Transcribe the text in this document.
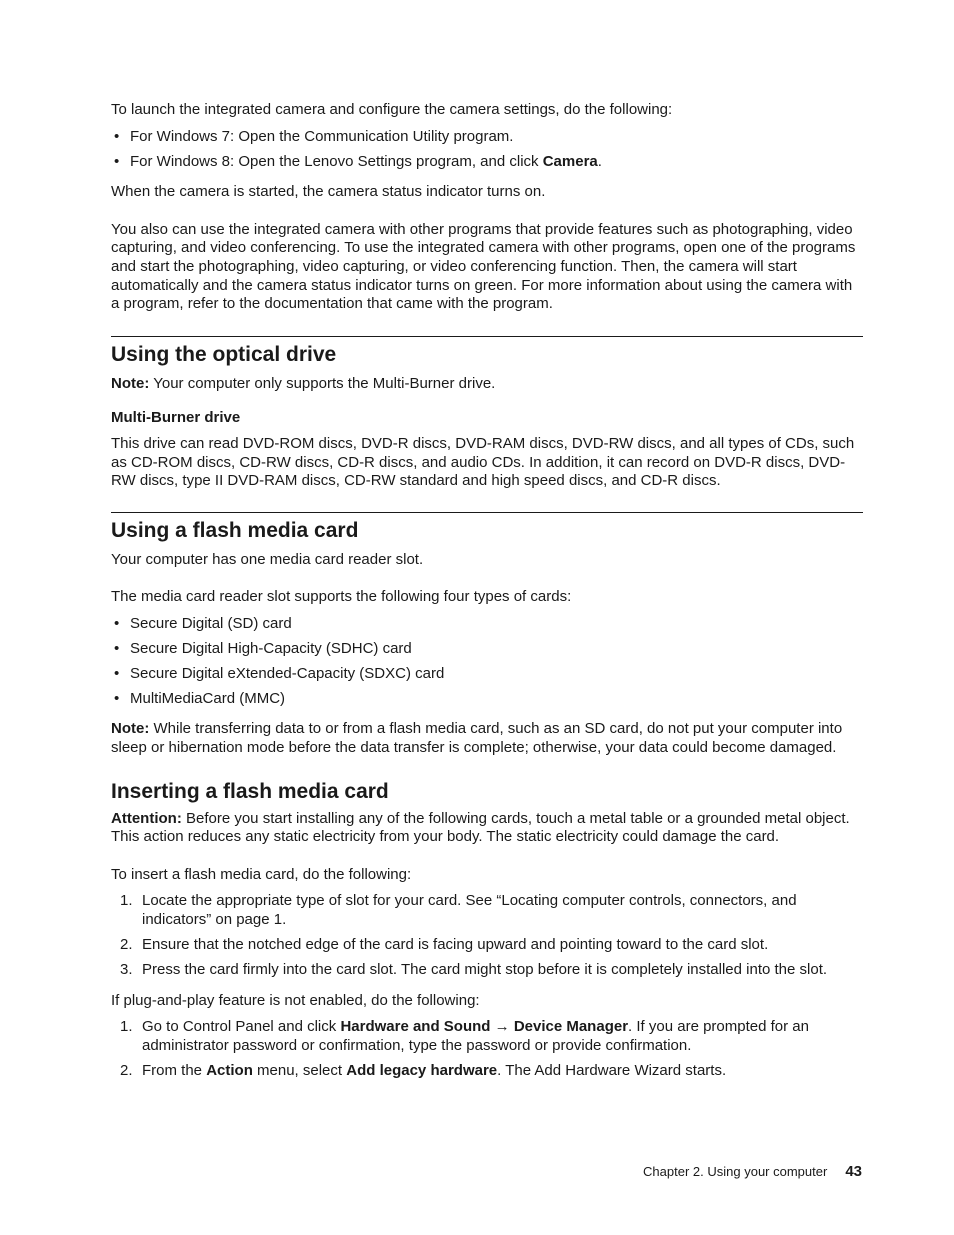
To launch the integrated camera and configure the camera settings, do the following:

• For Windows 7: Open the Communication Utility program.
• For Windows 8: Open the Lenovo Settings program, and click Camera.

When the camera is started, the camera status indicator turns on.

You also can use the integrated camera with other programs that provide features such as photographing, video capturing, and video conferencing. To use the integrated camera with other programs, open one of the programs and start the photographing, video capturing, or video conferencing function. Then, the camera will start automatically and the camera status indicator turns on green. For more information about using the camera with a program, refer to the documentation that came with the program.

Using the optical drive

Note: Your computer only supports the Multi-Burner drive.

Multi-Burner drive

This drive can read DVD-ROM discs, DVD-R discs, DVD-RAM discs, DVD-RW discs, and all types of CDs, such as CD-ROM discs, CD-RW discs, CD-R discs, and audio CDs. In addition, it can record on DVD-R discs, DVD-RW discs, type II DVD-RAM discs, CD-RW standard and high speed discs, and CD-R discs.

Using a flash media card

Your computer has one media card reader slot.

The media card reader slot supports the following four types of cards:

• Secure Digital (SD) card
• Secure Digital High-Capacity (SDHC) card
• Secure Digital eXtended-Capacity (SDXC) card
• MultiMediaCard (MMC)

Note: While transferring data to or from a flash media card, such as an SD card, do not put your computer into sleep or hibernation mode before the data transfer is complete; otherwise, your data could become damaged.

Inserting a flash media card

Attention: Before you start installing any of the following cards, touch a metal table or a grounded metal object. This action reduces any static electricity from your body. The static electricity could damage the card.

To insert a flash media card, do the following:

1. Locate the appropriate type of slot for your card. See “Locating computer controls, connectors, and indicators” on page 1.
2. Ensure that the notched edge of the card is facing upward and pointing toward to the card slot.
3. Press the card firmly into the card slot. The card might stop before it is completely installed into the slot.

If plug-and-play feature is not enabled, do the following:

1. Go to Control Panel and click Hardware and Sound → Device Manager. If you are prompted for an administrator password or confirmation, type the password or provide confirmation.
2. From the Action menu, select Add legacy hardware. The Add Hardware Wizard starts.
Chapter 2. Using your computer 43
